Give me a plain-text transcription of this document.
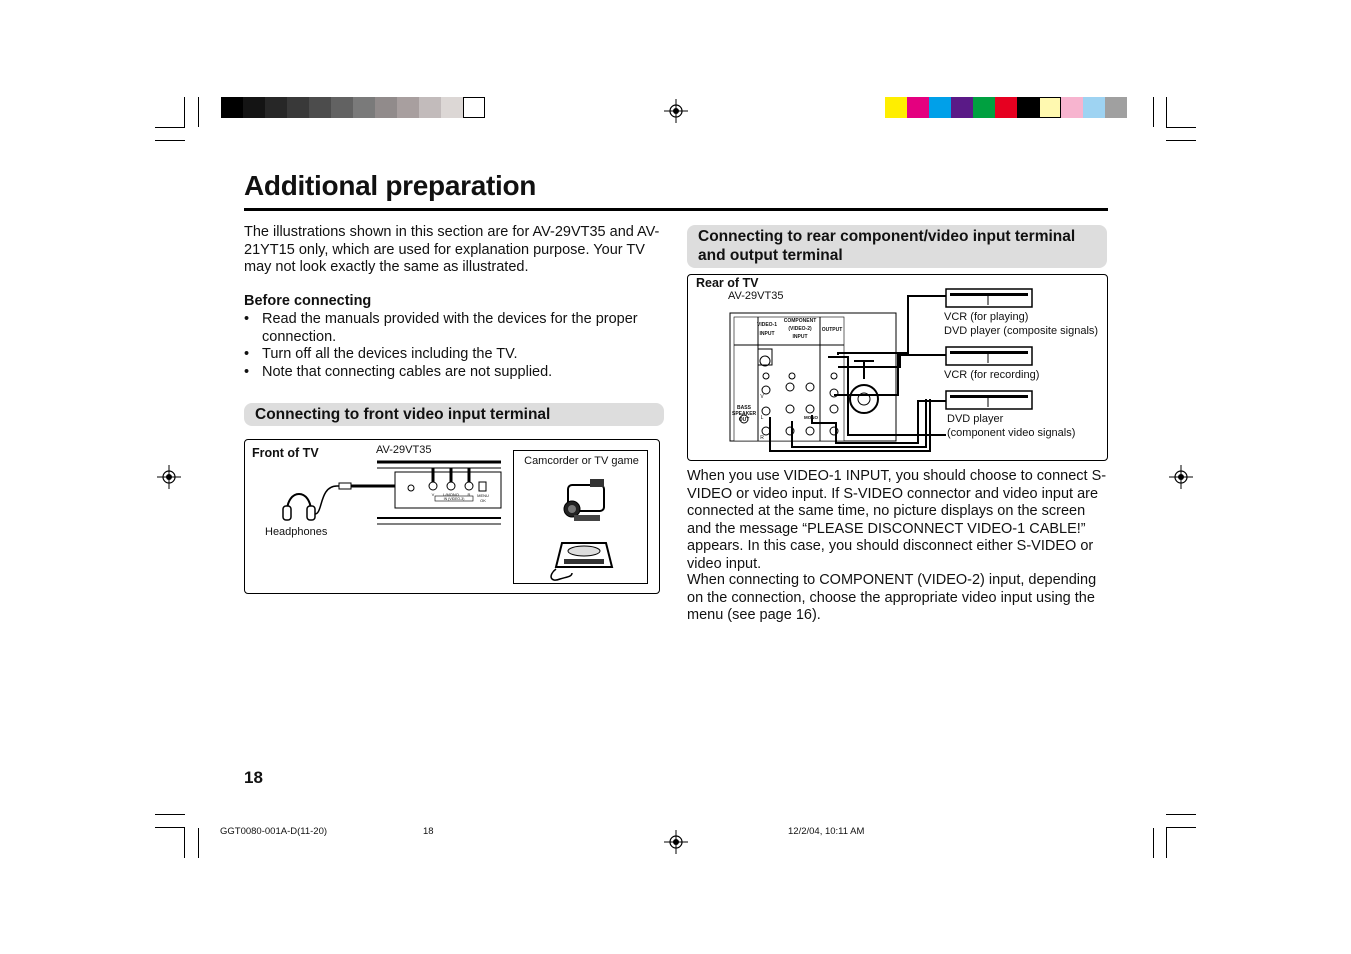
Additional preparation
The illustrations shown in this section are for AV-29VT35 and AV-21YT15 only, which are used for explanation purpose. Your TV may not look exactly the same as illustrated.
Before connecting
• Read the manuals provided with the devices for the proper connection.
• Turn off all the devices including the TV.
• Note that connecting cables are not supplied.
Connecting to front video input terminal
Front of TV	AV-29VT35
Headphones
V	L/MONO	R	MENU
OK
IN (VIDEO-3)
Camcorder or TV game
Connecting to rear component/video input terminal and output terminal
Rear of TV
AV-29VT35
VIDEO-1
INPUT
COMPONENT
(VIDEO-2)
INPUT
OUTPUT
BASS
SPEAKER
OUT	MONO
V
L
R
VCR (for playing)
DVD player (composite signals)
VCR (for recording)
DVD player
(component video signals)
When you use VIDEO-1 INPUT, you should choose to connect S-VIDEO or video input. If S-VIDEO connector and video input are connected at the same time, no picture displays on the screen and the message “PLEASE DISCONNECT VIDEO-1 CABLE!” appears. In this case, you should disconnect either S-VIDEO or video input.
When connecting to COMPONENT (VIDEO-2) input, depending on the connection, choose the appropriate video input using the menu (see page 16).
18
GGT0080-001A-D(11-20)	18	12/2/04, 10:11 AM
